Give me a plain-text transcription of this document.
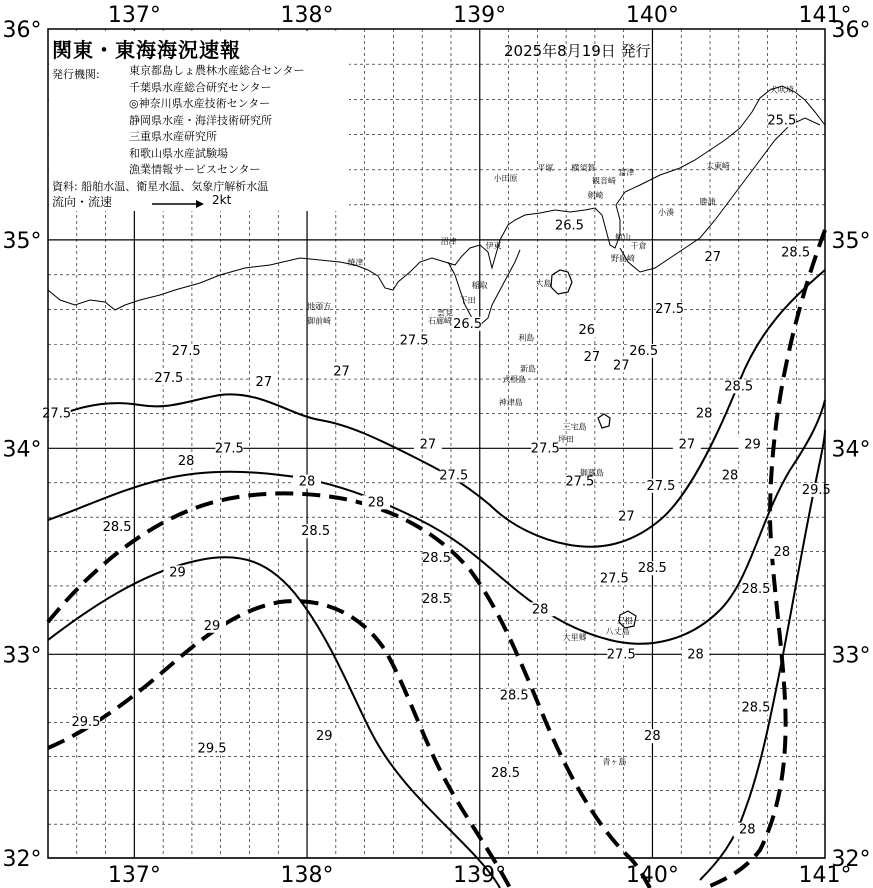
25.5
26.5
27	28.5
27.5
26.5
26.5	26
27
27
27.5
27
27.5
27.5
27
27.5
27.5
28
27
27.5
27.5
27.5	27.5
28
28
28.5
28.5
28.5
28
27	29
28
29.5
27
28.5
29
28.5
27.5
28.5
28
28
29
27.5	28
28.5
28.5
28.5
29.5
29	28
29.5
28.5
28
犬吠埼
小田原
平塚 横須賀
観音崎
富津
太東崎
勝浦
剣崎
小湊
館山
千倉
野島崎
沼津	伊東
焼津
大島
稲取
下田
地頭方
雲見
御前崎	石廊崎
利島
新島
式根島
神津島
三宅島
坪田
御蔵島
八丈島
大里郷
三根
青ヶ島
137°
137°
138°
138°
139°
139°
140°
140°
141°
141°
36°	36°
35°	35°
34°	34°
33°	33°
32°	32°
関東・東海海況速報	2025年8月19日 発行
発行機関:	東京都島しょ農林水産総合センター
千葉県水産総合研究センター
◎神奈川県水産技術センター
静岡県水産・海洋技術研究所
三重県水産研究所
和歌山県水産試験場
漁業情報サービスセンター
資料: 船舶水温、衛星水温、気象庁解析水温
流向・流速	2kt
